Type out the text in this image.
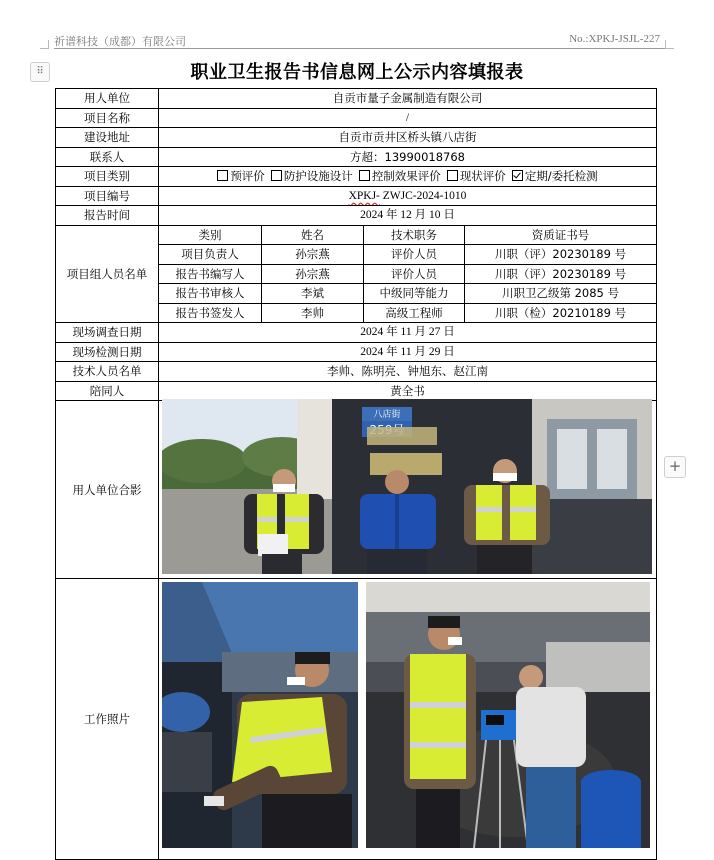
祈谱科技（成都）有限公司	No.:XPKJ-JSJL-227
⠿
+
职业卫生报告书信息网上公示内容填报表
用人单位	自贡市量子金属制造有限公司			
项目名称	/			
建设地址	自贡市贡井区桥头镇八店街			
联系人	方超：13990018768			
项目类别	预评价 防护设施设计 控制效果评价 现状评价 定期/委托检测			
项目编号	XPKJ- ZWJC-2024-1010			
报告时间	2024 年 12 月 10 日			
项目组人员名单	类别	姓名	技术职务	资质证书号
	项目负责人	孙宗燕	评价人员	川职（评）20230189 号
	报告书编写人	孙宗燕	评价人员	川职（评）20230189 号
	报告书审核人	李斌	中级同等能力	川职卫乙级第 2085 号
	报告书签发人	李帅	高级工程师	川职（检）20210189 号
现场调查日期	2024 年 11 月 27 日			
现场检测日期	2024 年 11 月 29 日			
技术人员名单	李帅、陈明亮、钟旭东、赵江南			
陪同人	黄全书			
用人单位合影				
工作照片				
八店街
